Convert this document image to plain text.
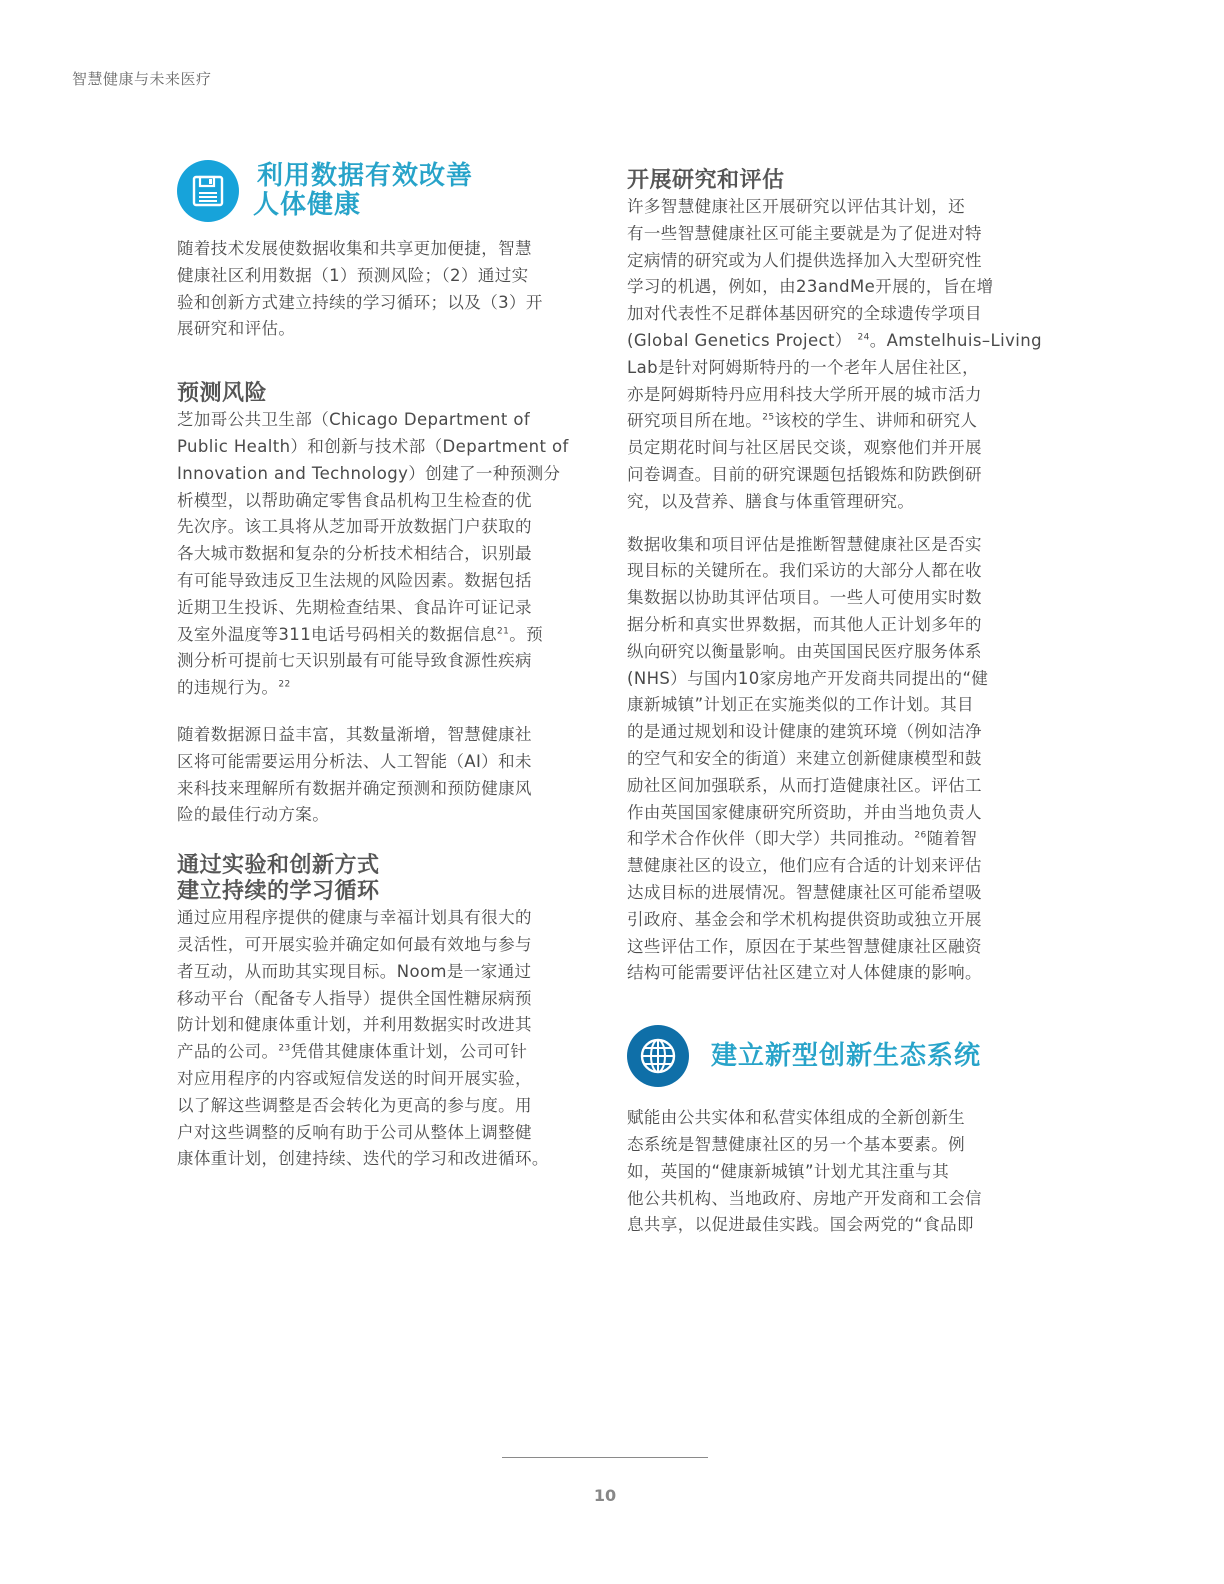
智慧健康与未来医疗
利用数据有效改善
人体健康

随着技术发展使数据收集和共享更加便捷，智慧
健康社区利用数据（1）预测风险；（2）通过实
验和创新方式建立持续的学习循环；以及（3）开
展研究和评估。

预测风险

芝加哥公共卫生部（Chicago Department of
Public Health）和创新与技术部（Department of
Innovation and Technology）创建了一种预测分
析模型，以帮助确定零售食品机构卫生检查的优
先次序。该工具将从芝加哥开放数据门户获取的
各大城市数据和复杂的分析技术相结合，识别最
有可能导致违反卫生法规的风险因素。数据包括
近期卫生投诉、先期检查结果、食品许可证记录
及室外温度等311电话号码相关的数据信息$^{21}$。预
测分析可提前七天识别最有可能导致食源性疾病
的违规行为。$^{22}$

随着数据源日益丰富，其数量渐增，智慧健康社
区将可能需要运用分析法、人工智能（AI）和未
来科技来理解所有数据并确定预测和预防健康风
险的最佳行动方案。

通过实验和创新方式
建立持续的学习循环

通过应用程序提供的健康与幸福计划具有很大的
灵活性，可开展实验并确定如何最有效地与参与
者互动，从而助其实现目标。Noom是一家通过
移动平台（配备专人指导）提供全国性糖尿病预
防计划和健康体重计划，并利用数据实时改进其
产品的公司。$^{23}$凭借其健康体重计划，公司可针
对应用程序的内容或短信发送的时间开展实验，
以了解这些调整是否会转化为更高的参与度。用
户对这些调整的反响有助于公司从整体上调整健
康体重计划，创建持续、迭代的学习和改进循环。

开展研究和评估

许多智慧健康社区开展研究以评估其计划，还
有一些智慧健康社区可能主要就是为了促进对特
定病情的研究或为人们提供选择加入大型研究性
学习的机遇，例如，由23andMe开展的，旨在增
加对代表性不足群体基因研究的全球遗传学项目
(Global Genetics Project） $^{24}$。Amstelhuis–Living
Lab是针对阿姆斯特丹的一个老年人居住社区，
亦是阿姆斯特丹应用科技大学所开展的城市活力
研究项目所在地。$^{25}$该校的学生、讲师和研究人
员定期花时间与社区居民交谈，观察他们并开展
问卷调查。目前的研究课题包括锻炼和防跌倒研
究，以及营养、膳食与体重管理研究。

数据收集和项目评估是推断智慧健康社区是否实
现目标的关键所在。我们采访的大部分人都在收
集数据以协助其评估项目。一些人可使用实时数
据分析和真实世界数据，而其他人正计划多年的
纵向研究以衡量影响。由英国国民医疗服务体系
(NHS）与国内10家房地产开发商共同提出的“健
康新城镇”计划正在实施类似的工作计划。其目
的是通过规划和设计健康的建筑环境（例如洁净
的空气和安全的街道）来建立创新健康模型和鼓
励社区间加强联系，从而打造健康社区。评估工
作由英国国家健康研究所资助，并由当地负责人
和学术合作伙伴（即大学）共同推动。$^{26}$随着智
慧健康社区的设立，他们应有合适的计划来评估
达成目标的进展情况。智慧健康社区可能希望吸
引政府、基金会和学术机构提供资助或独立开展
这些评估工作，原因在于某些智慧健康社区融资
结构可能需要评估社区建立对人体健康的影响。

建立新型创新生态系统

赋能由公共实体和私营实体组成的全新创新生
态系统是智慧健康社区的另一个基本要素。例
如，英国的“健康新城镇”计划尤其注重与其
他公共机构、当地政府、房地产开发商和工会信
息共享，以促进最佳实践。国会两党的“食品即

10
